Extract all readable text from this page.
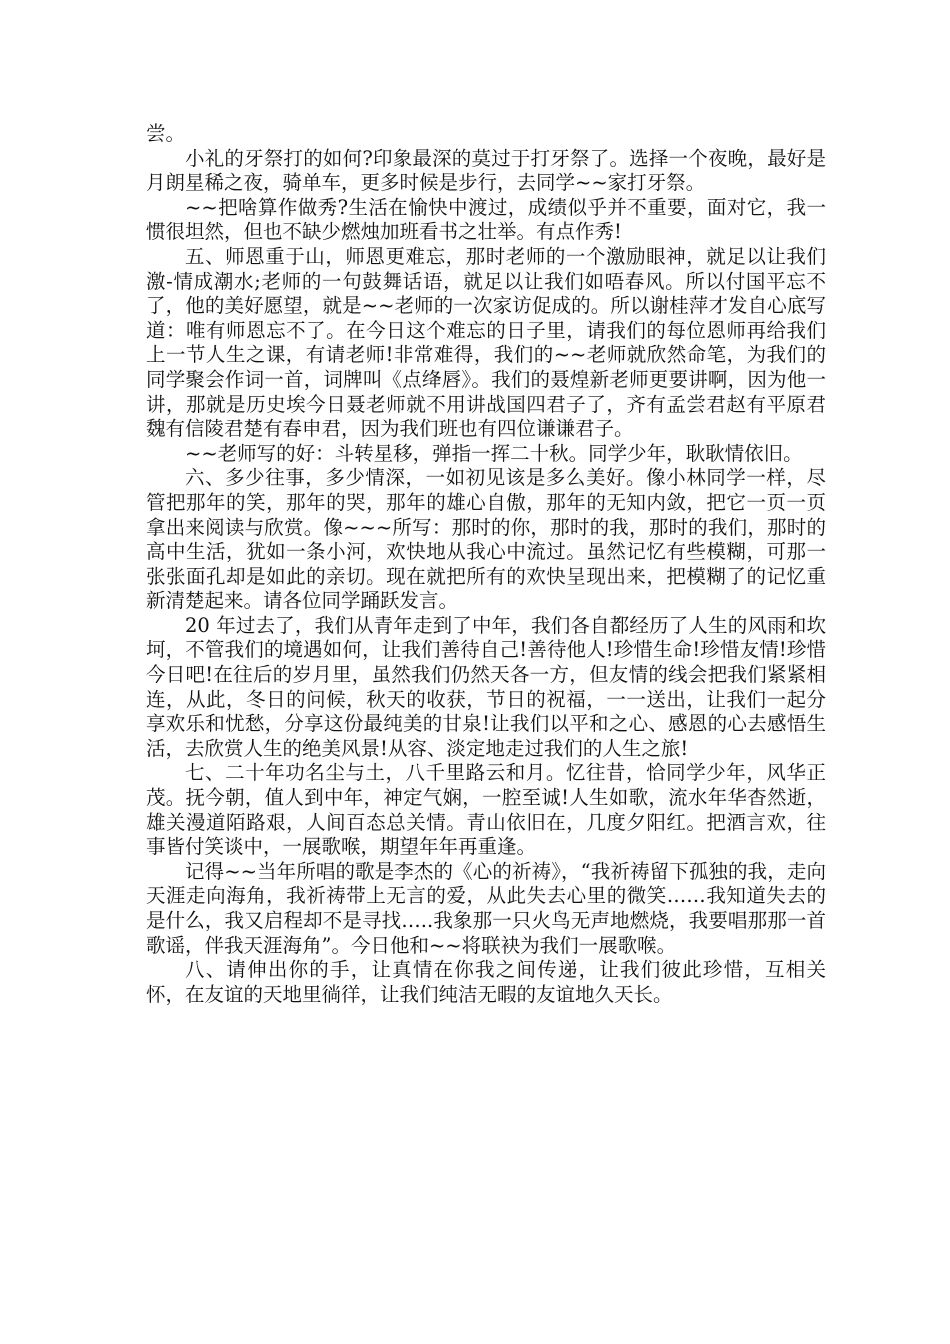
尝。

小礼的牙祭打的如何?印象最深的莫过于打牙祭了。选择一个夜晚，最好是月朗星稀之夜，骑单车，更多时候是步行，去同学~~家打牙祭。

~~把啥算作做秀?生活在愉快中渡过，成绩似乎并不重要，面对它，我一惯很坦然，但也不缺少燃烛加班看书之壮举。有点作秀!

五、师恩重于山，师恩更难忘，那时老师的一个激励眼神，就足以让我们激-情成潮水;老师的一句鼓舞话语，就足以让我们如唔春风。所以付国平忘不了，他的美好愿望，就是~~老师的一次家访促成的。所以谢桂萍才发自心底写道：唯有师恩忘不了。在今日这个难忘的日子里，请我们的每位恩师再给我们上一节人生之课，有请老师!非常难得，我们的~~老师就欣然命笔，为我们的同学聚会作词一首，词牌叫《点绛唇》。我们的聂煌新老师更要讲啊，因为他一讲，那就是历史埃今日聂老师就不用讲战国四君子了，齐有孟尝君赵有平原君魏有信陵君楚有春申君，因为我们班也有四位谦谦君子。

~~老师写的好：斗转星移，弹指一挥二十秋。同学少年，耿耿情依旧。

六、多少往事，多少情深，一如初见该是多么美好。像小林同学一样，尽管把那年的笑，那年的哭，那年的雄心自傲，那年的无知内敛，把它一页一页拿出来阅读与欣赏。像~~~所写：那时的你，那时的我，那时的我们，那时的高中生活，犹如一条小河，欢快地从我心中流过。虽然记忆有些模糊，可那一张张面孔却是如此的亲切。现在就把所有的欢快呈现出来，把模糊了的记忆重新清楚起来。请各位同学踊跃发言。

20 年过去了，我们从青年走到了中年，我们各自都经历了人生的风雨和坎坷，不管我们的境遇如何，让我们善待自己!善待他人!珍惜生命!珍惜友情!珍惜今日吧!在往后的岁月里，虽然我们仍然天各一方，但友情的线会把我们紧紧相连，从此，冬日的问候，秋天的收获，节日的祝福，一一送出，让我们一起分享欢乐和忧愁，分享这份最纯美的甘泉!让我们以平和之心、感恩的心去感悟生活，去欣赏人生的绝美风景!从容、淡定地走过我们的人生之旅!

七、二十年功名尘与土，八千里路云和月。忆往昔，恰同学少年，风华正茂。抚今朝，值人到中年，神定气娴，一腔至诚!人生如歌，流水年华杳然逝，雄关漫道陌路艰，人间百态总关情。青山依旧在，几度夕阳红。把酒言欢，往事皆付笑谈中，一展歌喉，期望年年再重逢。

记得~~当年所唱的歌是李杰的《心的祈祷》，“我祈祷留下孤独的我，走向天涯走向海角，我祈祷带上无言的爱，从此失去心里的微笑……我知道失去的是什么，我又启程却不是寻找…..我象那一只火鸟无声地燃烧，我要唱那那一首歌谣，伴我天涯海角”。今日他和~~将联袂为我们一展歌喉。

八、请伸出你的手，让真情在你我之间传递，让我们彼此珍惜，互相关怀，在友谊的天地里徜徉，让我们纯洁无暇的友谊地久天长。
